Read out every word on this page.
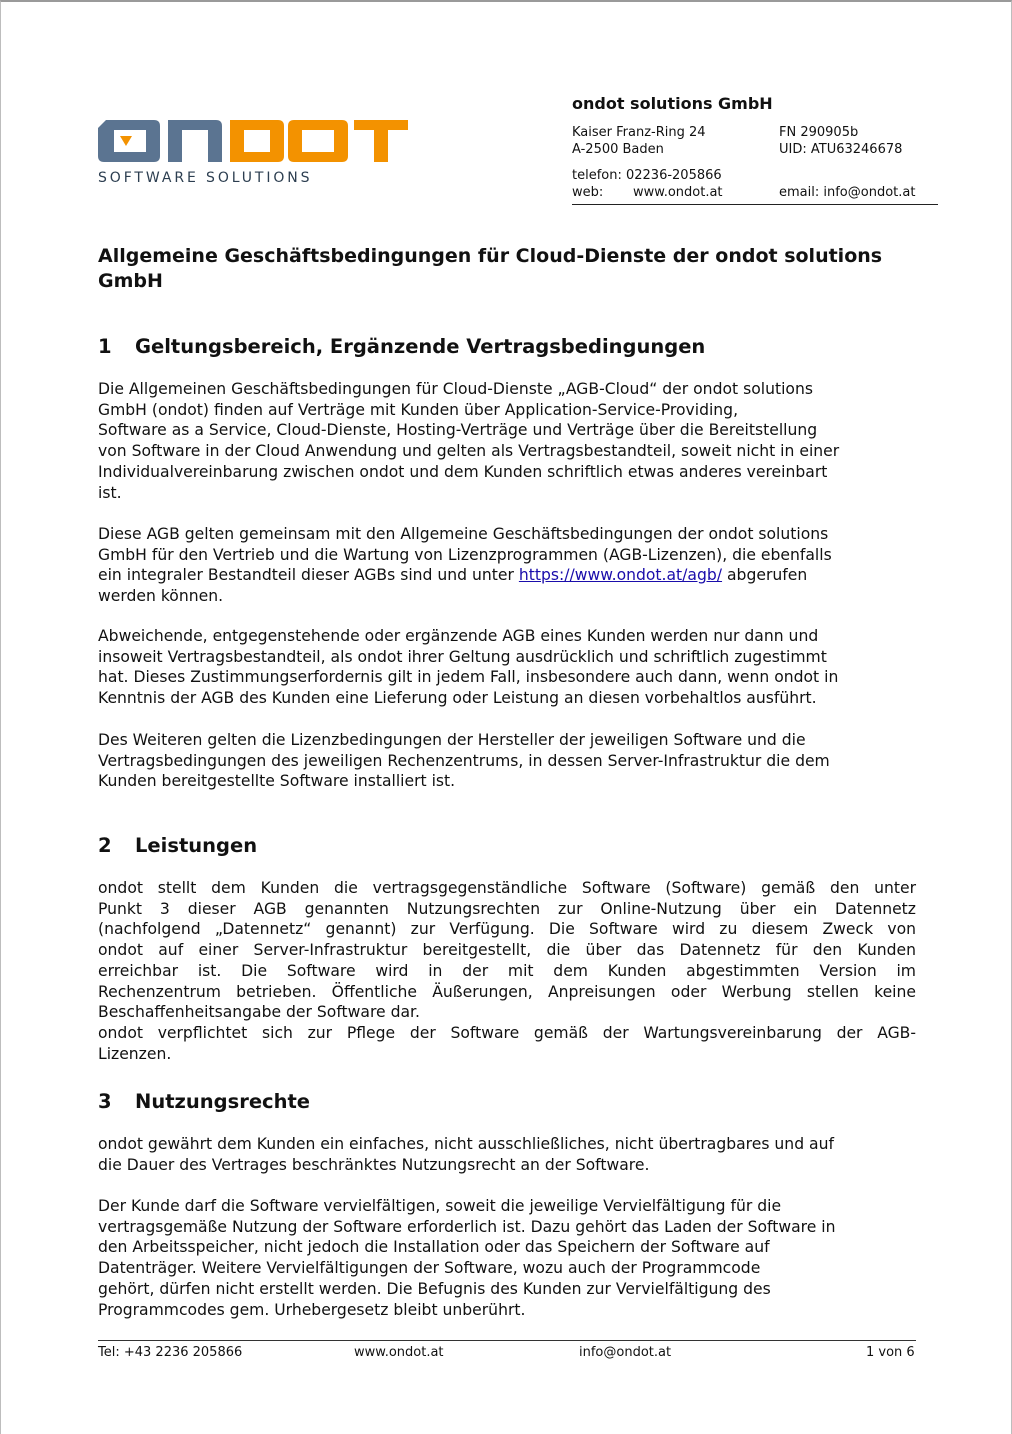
SOFTWARE SOLUTIONS
ondot solutions GmbH
Kaiser Franz-Ring 24
A-2500 Baden
FN 290905b
UID: ATU63246678
telefon: 02236-205866
web: www.ondot.at	email: info@ondot.at
Allgemeine Geschäftsbedingungen für Cloud-Dienste der ondot solutions GmbH
1 Geltungsbereich, Ergänzende Vertragsbedingungen

Die Allgemeinen Geschäftsbedingungen für Cloud-Dienste „AGB-Cloud“ der ondot solutions
GmbH (ondot) finden auf Verträge mit Kunden über Application-Service-Providing,
Software as a Service, Cloud-Dienste, Hosting-Verträge und Verträge über die Bereitstellung
von Software in der Cloud Anwendung und gelten als Vertragsbestandteil, soweit nicht in einer
Individualvereinbarung zwischen ondot und dem Kunden schriftlich etwas anderes vereinbart
ist.

Diese AGB gelten gemeinsam mit den Allgemeine Geschäftsbedingungen der ondot solutions
GmbH für den Vertrieb und die Wartung von Lizenzprogrammen (AGB-Lizenzen), die ebenfalls
ein integraler Bestandteil dieser AGBs sind und unter https://www.ondot.at/agb/ abgerufen
werden können.

Abweichende, entgegenstehende oder ergänzende AGB eines Kunden werden nur dann und
insoweit Vertragsbestandteil, als ondot ihrer Geltung ausdrücklich und schriftlich zugestimmt
hat. Dieses Zustimmungserfordernis gilt in jedem Fall, insbesondere auch dann, wenn ondot in
Kenntnis der AGB des Kunden eine Lieferung oder Leistung an diesen vorbehaltlos ausführt.

Des Weiteren gelten die Lizenzbedingungen der Hersteller der jeweiligen Software und die
Vertragsbedingungen des jeweiligen Rechenzentrums, in dessen Server-Infrastruktur die dem
Kunden bereitgestellte Software installiert ist.

2 Leistungen
ondot stellt dem Kunden die vertragsgegenständliche Software (Software) gemäß den unter
Punkt 3 dieser AGB genannten Nutzungsrechten zur Online-Nutzung über ein Datennetz
(nachfolgend „Datennetz“ genannt) zur Verfügung. Die Software wird zu diesem Zweck von
ondot auf einer Server-Infrastruktur bereitgestellt, die über das Datennetz für den Kunden
erreichbar ist. Die Software wird in der mit dem Kunden abgestimmten Version im
Rechenzentrum betrieben. Öffentliche Äußerungen, Anpreisungen oder Werbung stellen keine
Beschaffenheitsangabe der Software dar.
ondot verpflichtet sich zur Pflege der Software gemäß der Wartungsvereinbarung der AGB-
Lizenzen.
3 Nutzungsrechte

ondot gewährt dem Kunden ein einfaches, nicht ausschließliches, nicht übertragbares und auf
die Dauer des Vertrages beschränktes Nutzungsrecht an der Software.

Der Kunde darf die Software vervielfältigen, soweit die jeweilige Vervielfältigung für die
vertragsgemäße Nutzung der Software erforderlich ist. Dazu gehört das Laden der Software in
den Arbeitsspeicher, nicht jedoch die Installation oder das Speichern der Software auf
Datenträger. Weitere Vervielfältigungen der Software, wozu auch der Programmcode
gehört, dürfen nicht erstellt werden. Die Befugnis des Kunden zur Vervielfältigung des
Programmcodes gem. Urhebergesetz bleibt unberührt.

Tel: +43 2236 205866	www.ondot.at	info@ondot.at	1 von 6
